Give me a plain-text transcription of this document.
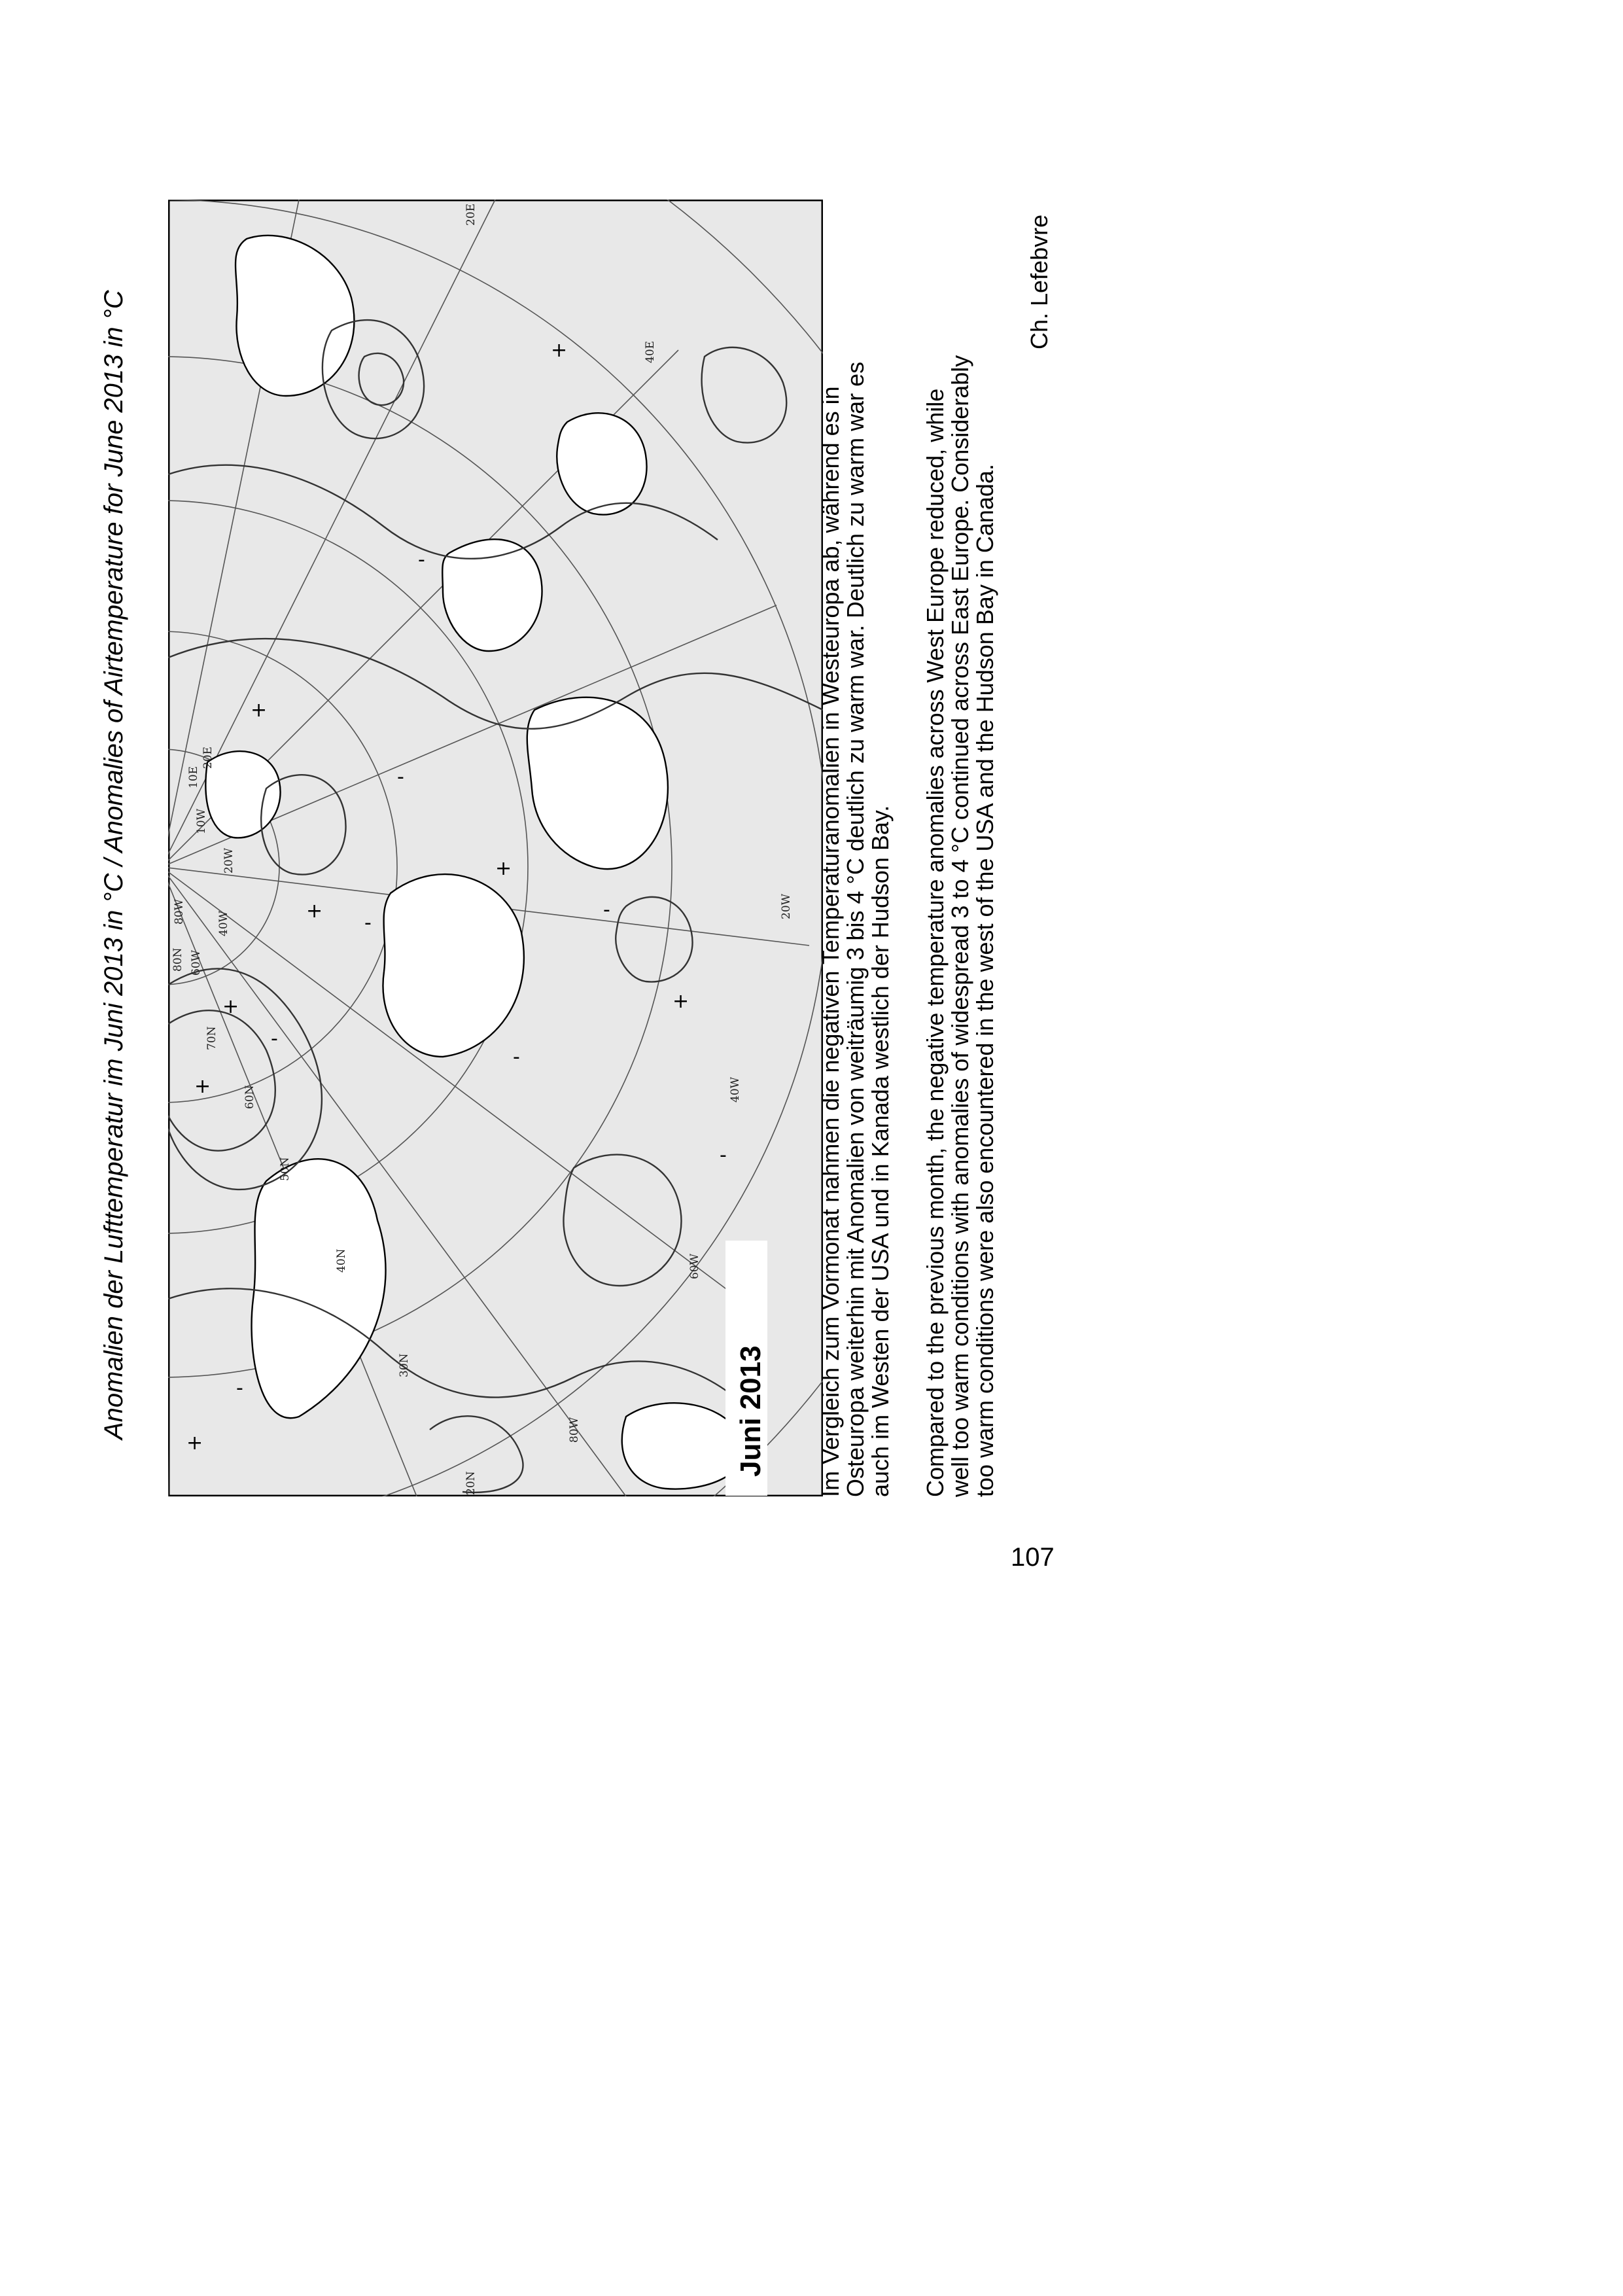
Anomalien der Lufttemperatur im Juni 2013 in °C / Anomalies of Airtemperature for June 2013 in °C
20N
30N
40N
50N
60N
70N
80N
20E
40E
20W
40W
60W
80W
20W
10W
10E
20E
40W
60W
80W
+
-
+
-
+
-
+
-
+
-
+
-
+
-
+
-
Juni 2013 Im Vergleich zum Vormonat nahmen die negativen Temperaturanomalien in Westeuropa ab, während es in
Osteuropa weiterhin mit Anomalien von weiträumig 3 bis 4 °C deutlich zu warm war. Deutlich zu warm war es
auch im Westen der USA und in Kanada westlich der Hudson Bay. Compared to the previous month, the negative temperature anomalies across West Europe reduced, while
well too warm conditions with anomalies of widespread 3 to 4 °C continued across East Europe. Considerably
too warm conditions were also encountered in the west of the USA and the Hudson Bay in Canada.
Ch. Lefebvre
107
